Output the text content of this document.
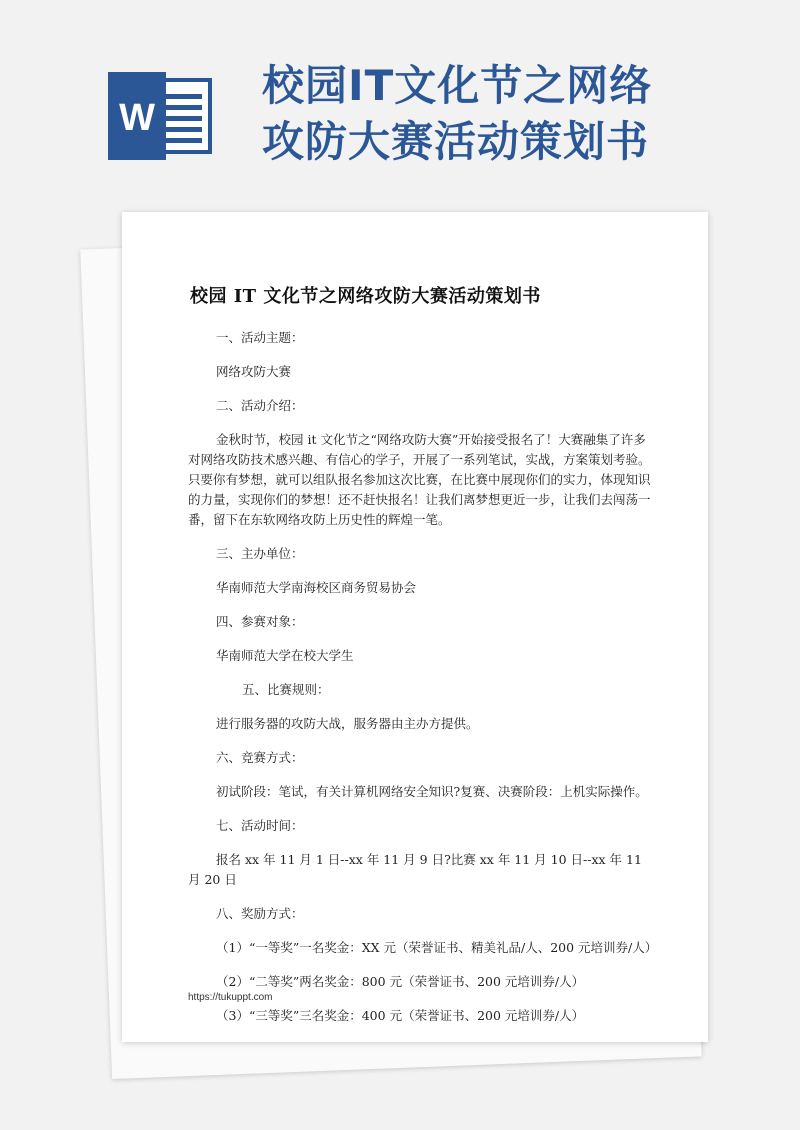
W
校园IT文化节之网络
攻防大赛活动策划书
校园 IT 文化节之网络攻防大赛活动策划书

一、活动主题：

网络攻防大赛

二、活动介绍：

金秋时节，校园 it 文化节之“网络攻防大赛”开始接受报名了！大赛融集了许多对网络攻防技术感兴趣、有信心的学子，开展了一系列笔试，实战，方案策划考验。只要你有梦想，就可以组队报名参加这次比赛，在比赛中展现你们的实力，体现知识的力量，实现你们的梦想！还不赶快报名！让我们离梦想更近一步，让我们去闯荡一番，留下在东软网络攻防上历史性的辉煌一笔。

三、主办单位：

华南师范大学南海校区商务贸易协会

四、参赛对象：

华南师范大学在校大学生

五、比赛规则：

进行服务器的攻防大战，服务器由主办方提供。

六、竞赛方式：

初试阶段：笔试，有关计算机网络安全知识?复赛、决赛阶段：上机实际操作。

七、活动时间：

报名 xx 年 11 月 1 日--xx 年 11 月 9 日?比赛 xx 年 11 月 10 日--xx 年 11 月 20 日

八、奖励方式：

（1）“一等奖”一名奖金：XX 元（荣誉证书、精美礼品/人、200 元培训券/人）

（2）“二等奖”两名奖金：800 元（荣誉证书、200 元培训券/人）

（3）“三等奖”三名奖金：400 元（荣誉证书、200 元培训券/人）

https://tukuppt.com
